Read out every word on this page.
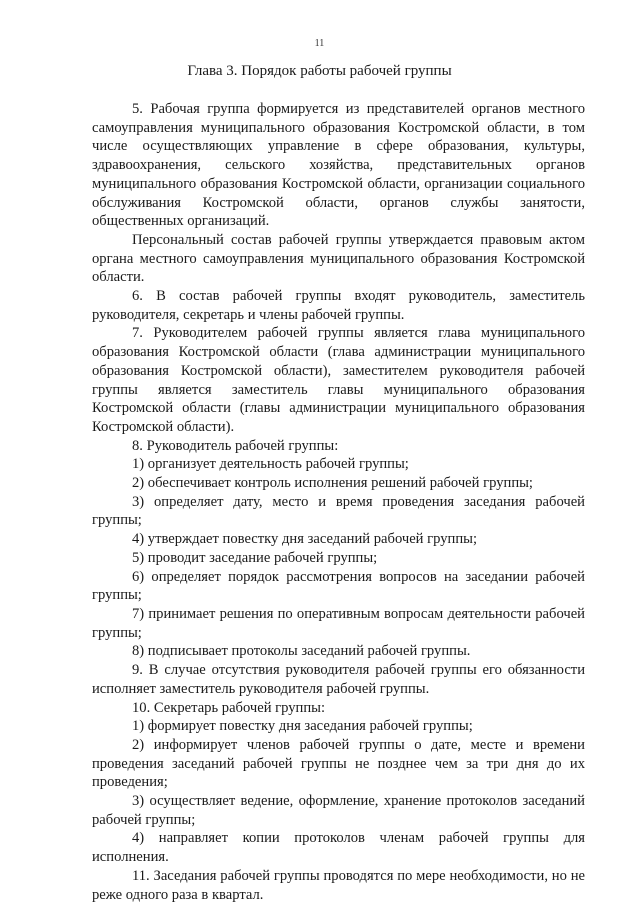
11
Глава 3. Порядок работы рабочей группы

5. Рабочая группа формируется из представителей органов местного самоуправления муниципального образования Костромской области, в том числе осуществляющих управление в сфере образования, культуры, здравоохранения, сельского хозяйства, представительных органов муниципального образования Костромской области, организации социального обслуживания Костромской области, органов службы занятости, общественных организаций.

Персональный состав рабочей группы утверждается правовым актом органа местного самоуправления муниципального образования Костромской области.

6. В состав рабочей группы входят руководитель, заместитель руководителя, секретарь и члены рабочей группы.

7. Руководителем рабочей группы является глава муниципального образования Костромской области (глава администрации муниципального образования Костромской области), заместителем руководителя рабочей группы является заместитель главы муниципального образования Костромской области (главы администрации муниципального образования Костромской области).

8. Руководитель рабочей группы:

1) организует деятельность рабочей группы;

2) обеспечивает контроль исполнения решений рабочей группы;

3) определяет дату, место и время проведения заседания рабочей группы;

4) утверждает повестку дня заседаний рабочей группы;

5) проводит заседание рабочей группы;

6) определяет порядок рассмотрения вопросов на заседании рабочей группы;

7) принимает решения по оперативным вопросам деятельности рабочей группы;

8) подписывает протоколы заседаний рабочей группы.

9. В случае отсутствия руководителя рабочей группы его обязанности исполняет заместитель руководителя рабочей группы.

10. Секретарь рабочей группы:

1) формирует повестку дня заседания рабочей группы;

2) информирует членов рабочей группы о дате, месте и времени проведения заседаний рабочей группы не позднее чем за три дня до их проведения;

3) осуществляет ведение, оформление, хранение протоколов заседаний рабочей группы;

4) направляет копии протоколов членам рабочей группы для исполнения.

11. Заседания рабочей группы проводятся по мере необходимости, но не реже одного раза в квартал.
